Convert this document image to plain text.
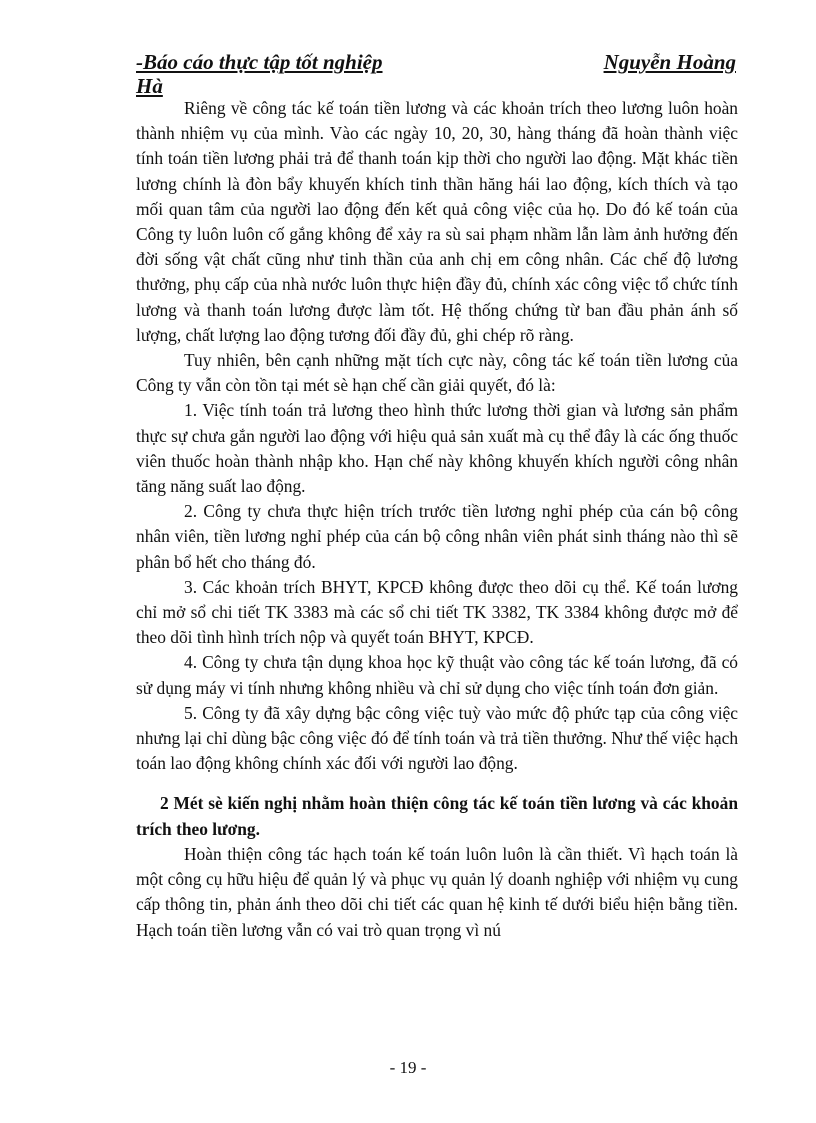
-Báo cáo thực tập tốt nghiệp	Nguyễn Hoàng
Hà

Riêng về công tác kế toán tiền lương và các khoản trích theo lương luôn hoàn thành nhiệm vụ của mình. Vào các ngày 10, 20, 30, hàng tháng đã hoàn thành việc tính toán tiền lương phải trả để thanh toán kịp thời cho người lao động. Mặt khác tiền lương chính là đòn bẩy khuyến khích tinh thần hăng hái lao động, kích thích và tạo mối quan tâm của người lao động đến kết quả công việc của họ. Do đó kế toán của Công ty luôn luôn cố gắng không để xảy ra sù sai phạm nhầm lẫn làm ảnh hưởng đến đời sống vật chất cũng như tinh thần của anh chị em công nhân. Các chế độ lương thưởng, phụ cấp của nhà nước luôn thực hiện đầy đủ, chính xác công việc tổ chức tính lương và thanh toán lương được làm tốt. Hệ thống chứng từ ban đầu phản ánh số lượng, chất lượng lao động tương đối đầy đủ, ghi chép rõ ràng.

Tuy nhiên, bên cạnh những mặt tích cực này, công tác kế toán tiền lương của Công ty vẫn còn tồn tại mét sè hạn chế cần giải quyết, đó là:

1. Việc tính toán trả lương theo hình thức lương thời gian và lương sản phẩm thực sự chưa gắn người lao động với hiệu quả sản xuất mà cụ thể đây là các ống thuốc viên thuốc hoàn thành nhập kho. Hạn chế này không khuyến khích người công nhân tăng năng suất lao động.

2. Công ty chưa thực hiện trích trước tiền lương nghỉ phép của cán bộ công nhân viên, tiền lương nghỉ phép của cán bộ công nhân viên phát sinh tháng nào thì sẽ phân bổ hết cho tháng đó.

3. Các khoản trích BHYT, KPCĐ không được theo dõi cụ thể. Kế toán lương chỉ mở sổ chi tiết TK 3383 mà các sổ chi tiết TK 3382, TK 3384 không được mở để theo dõi tình hình trích nộp và quyết toán BHYT, KPCĐ.

4. Công ty chưa tận dụng khoa học kỹ thuật vào công tác kế toán lương, đã có sử dụng máy vi tính nhưng không nhiều và chỉ sử dụng cho việc tính toán đơn giản.

5. Công ty đã xây dựng bậc công việc tuỳ vào mức độ phức tạp của công việc nhưng lại chỉ dùng bậc công việc đó để tính toán và trả tiền thưởng. Như thế việc hạch toán lao động không chính xác đối với người lao động.

2 Mét sè kiến nghị nhằm hoàn thiện công tác kế toán tiền lương và các khoản trích theo lương.

Hoàn thiện công tác hạch toán kế toán luôn luôn là cần thiết. Vì hạch toán là một công cụ hữu hiệu để quản lý và phục vụ quản lý doanh nghiệp với nhiệm vụ cung cấp thông tin, phản ánh theo dõi chi tiết các quan hệ kinh tế dưới biểu hiện bằng tiền. Hạch toán tiền lương vẫn có vai trò quan trọng vì nú

- 19 -
